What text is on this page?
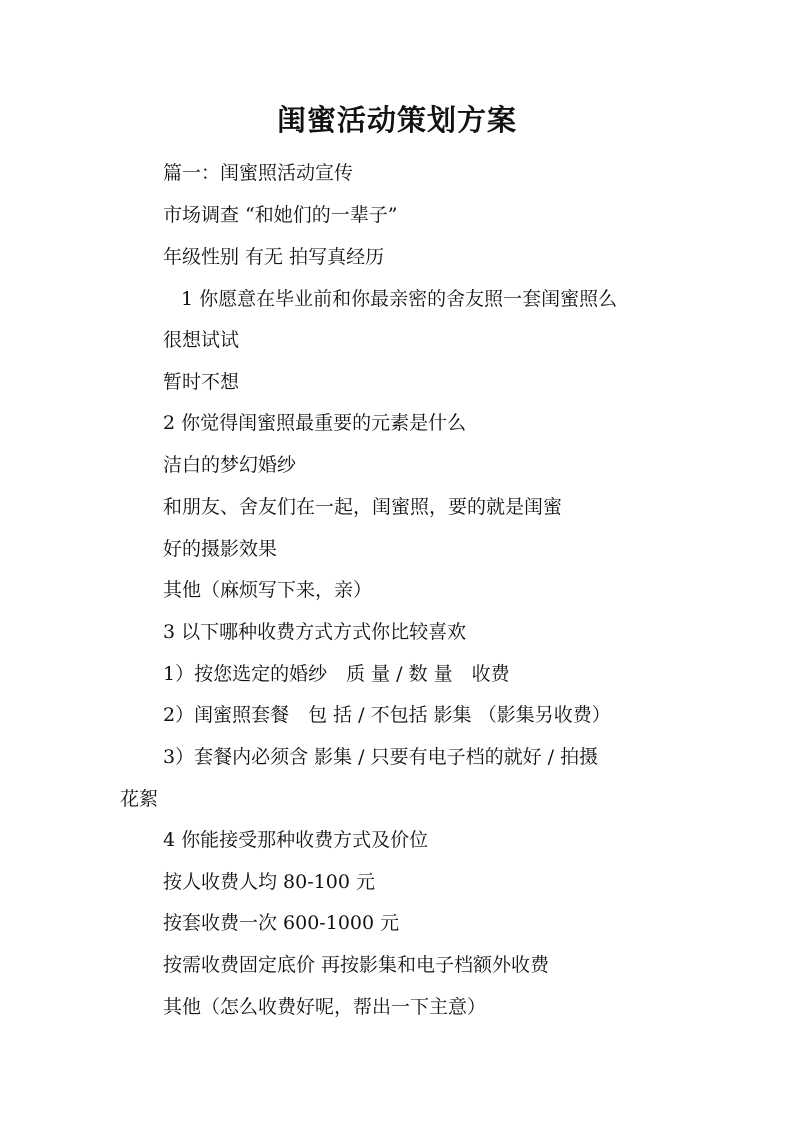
闺蜜活动策划方案
篇一：闺蜜照活动宣传
市场调查 “和她们的一辈子”
年级性别 有无 拍写真经历
1 你愿意在毕业前和你最亲密的舍友照一套闺蜜照么
很想试试
暂时不想
2 你觉得闺蜜照最重要的元素是什么
洁白的梦幻婚纱
和朋友、舍友们在一起，闺蜜照，要的就是闺蜜
好的摄影效果
其他（麻烦写下来，亲）
3 以下哪种收费方式方式你比较喜欢
1）按您选定的婚纱　质 量 / 数 量　收费
2）闺蜜照套餐　包 括 / 不包括 影集 （影集另收费）
3）套餐内必须含 影集 / 只要有电子档的就好 / 拍摄
花絮
4 你能接受那种收费方式及价位
按人收费人均 80-100 元
按套收费一次 600-1000 元
按需收费固定底价 再按影集和电子档额外收费
其他（怎么收费好呢，帮出一下主意）
